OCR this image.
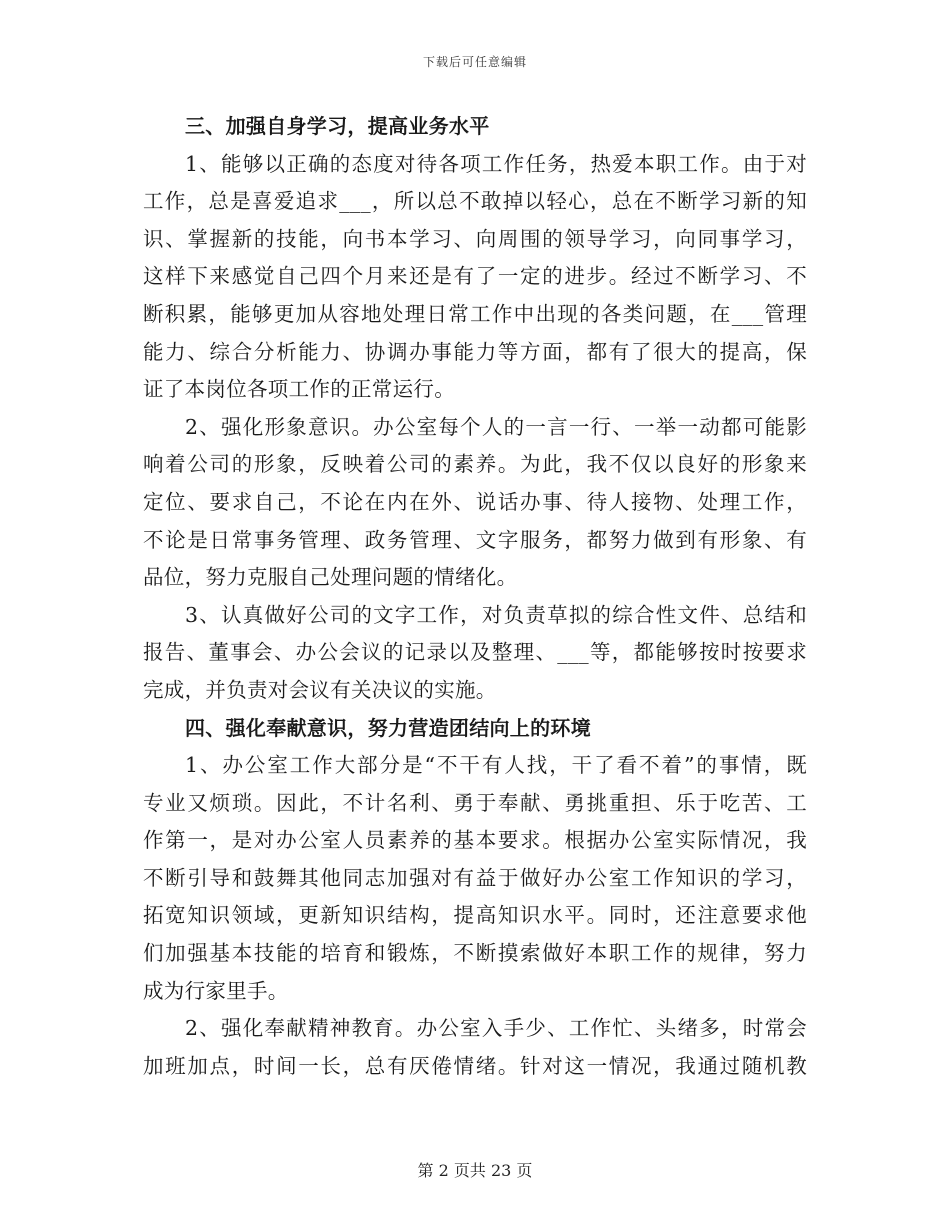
下载后可任意编辑
三、加强自身学习，提高业务水平
1、能够以正确的态度对待各项工作任务，热爱本职工作。由于对
工作，总是喜爱追求___，所以总不敢掉以轻心，总在不断学习新的知
识、掌握新的技能，向书本学习、向周围的领导学习，向同事学习，
这样下来感觉自己四个月来还是有了一定的进步。经过不断学习、不
断积累，能够更加从容地处理日常工作中出现的各类问题，在___管理
能力、综合分析能力、协调办事能力等方面，都有了很大的提高，保
证了本岗位各项工作的正常运行。
2、强化形象意识。办公室每个人的一言一行、一举一动都可能影
响着公司的形象，反映着公司的素养。为此，我不仅以良好的形象来
定位、要求自己，不论在内在外、说话办事、待人接物、处理工作，
不论是日常事务管理、政务管理、文字服务，都努力做到有形象、有
品位，努力克服自己处理问题的情绪化。
3、认真做好公司的文字工作，对负责草拟的综合性文件、总结和
报告、董事会、办公会议的记录以及整理、___等，都能够按时按要求
完成，并负责对会议有关决议的实施。
四、强化奉献意识，努力营造团结向上的环境
1、办公室工作大部分是“不干有人找，干了看不着”的事情，既
专业又烦琐。因此，不计名利、勇于奉献、勇挑重担、乐于吃苦、工
作第一，是对办公室人员素养的基本要求。根据办公室实际情况，我
不断引导和鼓舞其他同志加强对有益于做好办公室工作知识的学习，
拓宽知识领域，更新知识结构，提高知识水平。同时，还注意要求他
们加强基本技能的培育和锻炼，不断摸索做好本职工作的规律，努力
成为行家里手。
2、强化奉献精神教育。办公室入手少、工作忙、头绪多，时常会
加班加点，时间一长，总有厌倦情绪。针对这一情况，我通过随机教
第 2 页共 23 页
